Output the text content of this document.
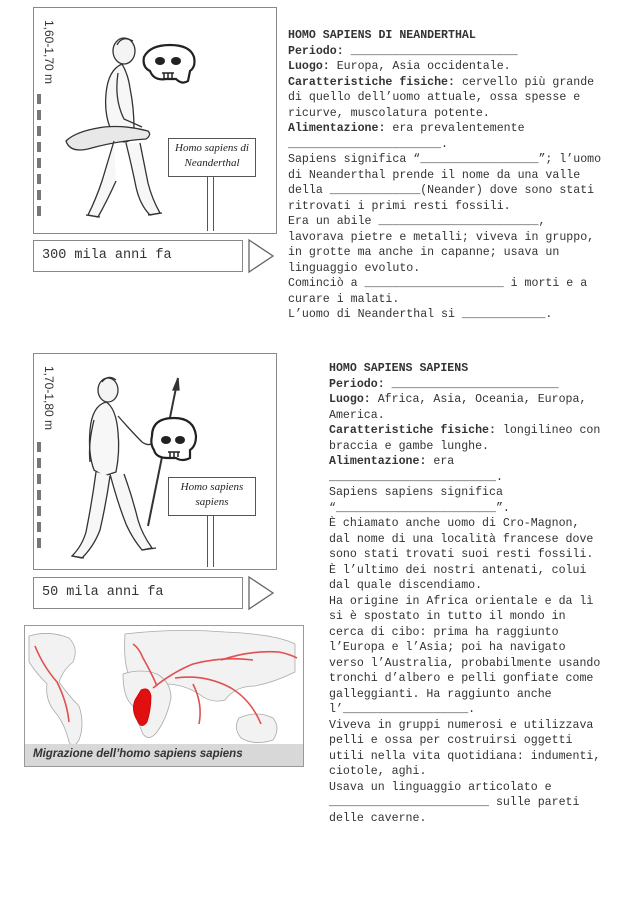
1,60-1,70 m
Homo sapiens di Neanderthal
300 mila anni fa

HOMO SAPIENS DI NEANDERTHAL

Periodo: ________________________

Luogo: Europa, Asia occidentale.

Caratteristiche fisiche: cervello più grande di quello dell’uomo attuale, ossa spesse e ricurve, muscolatura potente.

Alimentazione: era prevalentemente ______________________.

Sapiens significa “_________________”; l’uomo di Neanderthal prende il nome da una valle della _____________(Neander) dove sono stati ritrovati i primi resti fossili.
Era un abile _______________________, lavorava pietre e metalli; viveva in gruppo, in grotte ma anche in capanne; usava un linguaggio evoluto.
Cominciò a ____________________ i morti e a curare i malati.
L’uomo di Neanderthal si ____________.

1,70-1,80 m
Homo sapiens sapiens
50 mila anni fa

HOMO SAPIENS SAPIENS

Periodo: ________________________

Luogo: Africa, Asia, Oceania, Europa, America.

Caratteristiche fisiche: longilineo con braccia e gambe lunghe.

Alimentazione: era ________________________.

Sapiens sapiens significa “_______________________”.
È chiamato anche uomo di Cro-Magnon, dal nome di una località francese dove sono stati trovati suoi resti fossili. È l’ultimo dei nostri antenati, colui dal quale discendiamo.
Ha origine in Africa orientale e da lì si è spostato in tutto il mondo in cerca di cibo: prima ha raggiunto l’Europa e l’Asia; poi ha navigato verso l’Australia, probabilmente usando tronchi d’albero e pelli gonfiate come galleggianti. Ha raggiunto anche l’__________________.
Viveva in gruppi numerosi e utilizzava pelli e ossa per costruirsi oggetti utili nella vita quotidiana: indumenti, ciotole, aghi.
Usava un linguaggio articolato e _______________________ sulle pareti delle caverne.

Migrazione dell’homo sapiens sapiens
